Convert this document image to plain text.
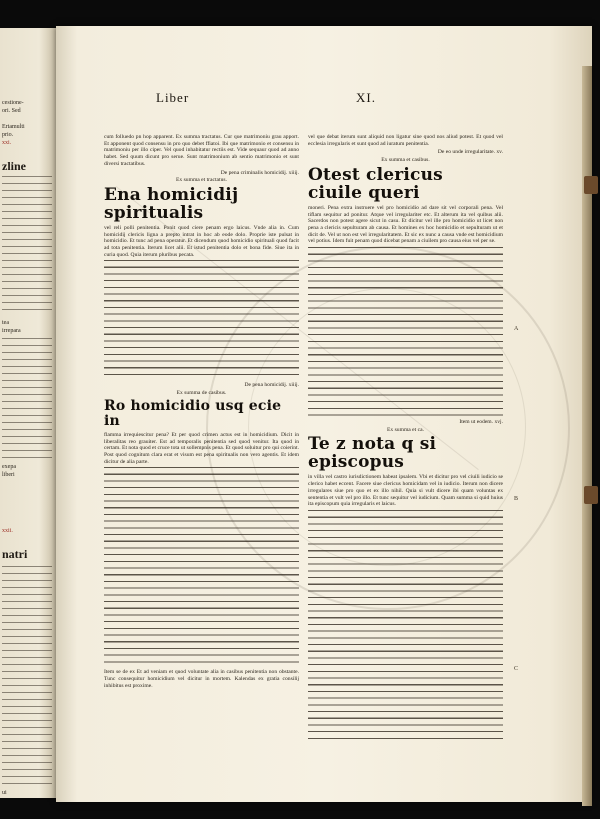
cestione-
ori. Sed
Ertamulti
prio.
xxi.
zline
tea
irrepara
exepa
liberi
xxii.
natri
ui
Liber	XI.

cum folluedo pn hop apparent. Ex summa tractatus. Cur que matrimoniu grau apport. Et apponent quod consensu in pro quo debet ffiatoi. Ibi que matrimonio et consensu in matrimoniu per illo ciper. Vel quod inhabitatur rectiis est. Vide sequaur quod ad anno habet. Sed quum dicunt pro serue. Sunt matrimonium ab sentio matrimonio et sunt diversi tractatibus.

De pena criminalis homicidij. xiiij.

Ex summa et tractatus.

Ena homicidij spiritualis

vel reli polli penitentia. Ponit quod ciere penam ergo laicus. Vnde alia in. Cum homicidij clericis ligna a prepto intrat in hoc ab eode dolo. Proprie iste pulsat in homicidio. Et tunc ad pena operatur. Et dicendum quod homicidio spirituali quod facit ad tota penitentia. Iterum licet alii. Et istud penitentia dolo et bona fide. Siue ita in curia quod. Quia iterum pluribus pecata.

De pena homicidij. xiiij.

Ex summa de casibus.

Ro homicidio usq ecie in

flamma irrequiescitur pena? Et per quod crimen actus est in homicidium. Dicit in liberalitas reo grauiter. Est ad temporalis penitentia sed quod venitur. Ita quod in certam. Et nota quod et cruce tota ut sollempnis pena. Et quod soluitur pro qui coierint. Post quod cognitum clara erat et visum est pena spiritualis non vero agentis. Et idem dicitur de alia parte.

Item se de ex Et ad veniam et quod voluntate alia in casibus penitentia non obstante. Tunc consequitur homicidium vel dicitur in mortem. Kalendas ex gratia consilij inhibitus est proxime.

vel que debat iterum sunt aliquid non ligatur sine quod nos aliud potest. Et quod vel ecclesia irregularis et sunt quod ad iuratum penitentia.

De eo unde irregularitate. xv.

Ex summa et casibus.

Otest clericus ciuile queri

moneri. Pena extra instruere vel pro homicidio ad dare sit vel corporali pena. Vel tiflam sequitur ad ponitur. Atque vel irregulariter etc. Et alterum ita vel quibus alii. Sacerdos non potest agere sicut in casu. Et dicitur vel ille pro homicidio ut licet non pena a clericis sepulturam ab causa. Et homines ex hoc homicidio et sepulturam ut et dicit de. Vel ut non est vel irregularitatem. Et sic ex nunc a causa vnde est homicidium vel potius. Idem fuit penam quod dicebat penam a ciuilem pro causa eius vel per se.

Item ut eodem. xvj.

Ex summa et ca.

Te z nota q si episcopus

in villa vel castro iurisdictionem habeat ipsalem. Vbi et dicitur pro vel ciuili iudicio se clerico habet eccent. Facere siue clericus homicidam vel in iudicio. Iterum non dicere irregulares siue pro quo et ex illo nihil. Quia si vult dicere ibi quam voluntas ex sententia et vult vel pro illo. Et tunc sequitur vel iudicium. Quam summa si quid huius ita episcopum quia irregularis et laicus.

A
B
C
